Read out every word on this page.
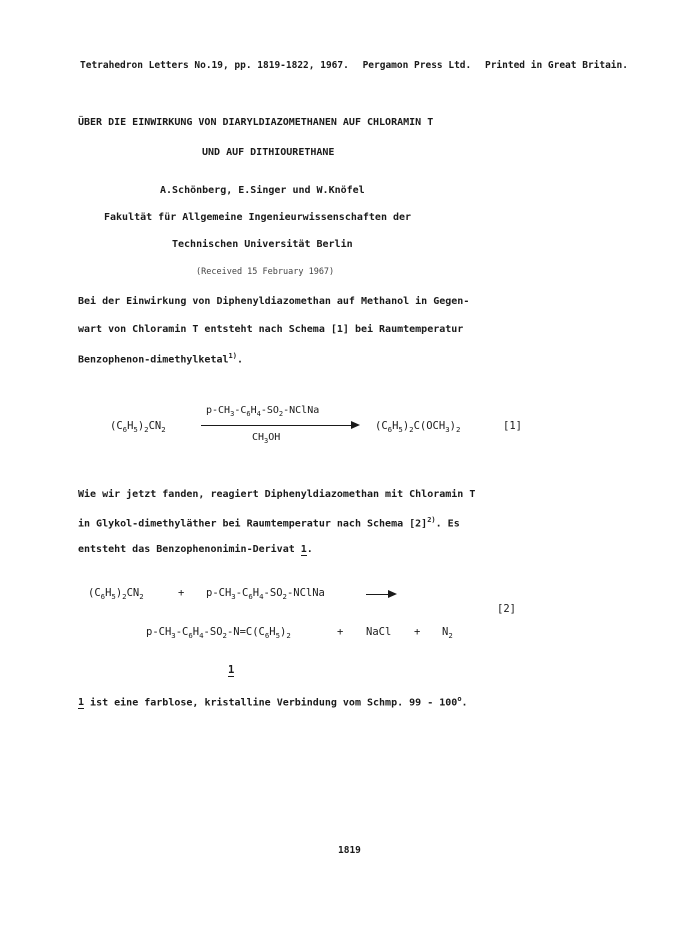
Tetrahedron Letters No.19, pp. 1819-1822, 1967. Pergamon Press Ltd. Printed in Great Britain.
ÜBER DIE EINWIRKUNG VON DIARYLDIAZOMETHANEN AUF CHLORAMIN T
UND AUF DITHIOURETHANE
A.Schönberg, E.Singer und W.Knöfel
Fakultät für Allgemeine Ingenieurwissenschaften der
Technischen Universität Berlin
(Received 15 February 1967)
Bei der Einwirkung von Diphenyldiazomethan auf Methanol in Gegen-
wart von Chloramin T entsteht nach Schema [1] bei Raumtemperatur
Benzophenon-dimethylketal$^{1)}$.
$(C_6H_5)_2CN_2$
$p-CH_3-C_6H_4-SO_2$-NClNa
$CH_3OH$
$(C_6H_5)_2C(OCH_3)_2$	[1]
Wie wir jetzt fanden, reagiert Diphenyldiazomethan mit Chloramin T
in Glykol-dimethyläther bei Raumtemperatur nach Schema $[2]^{2)}$. Es
entsteht das Benzophenonimin-Derivat 1.
$(C_6H_5)_2CN_2$	+ $p-CH_3-C_6H_4-SO_2$-NClNa
[2]
$p-CH_3-C_6H_4-SO_2-N=C(C_6H_5)_2$	+ NaCl + $N_2$
1
1 ist eine farblose, kristalline Verbindung vom Schmp. 99 - 100$^o$.
1819
